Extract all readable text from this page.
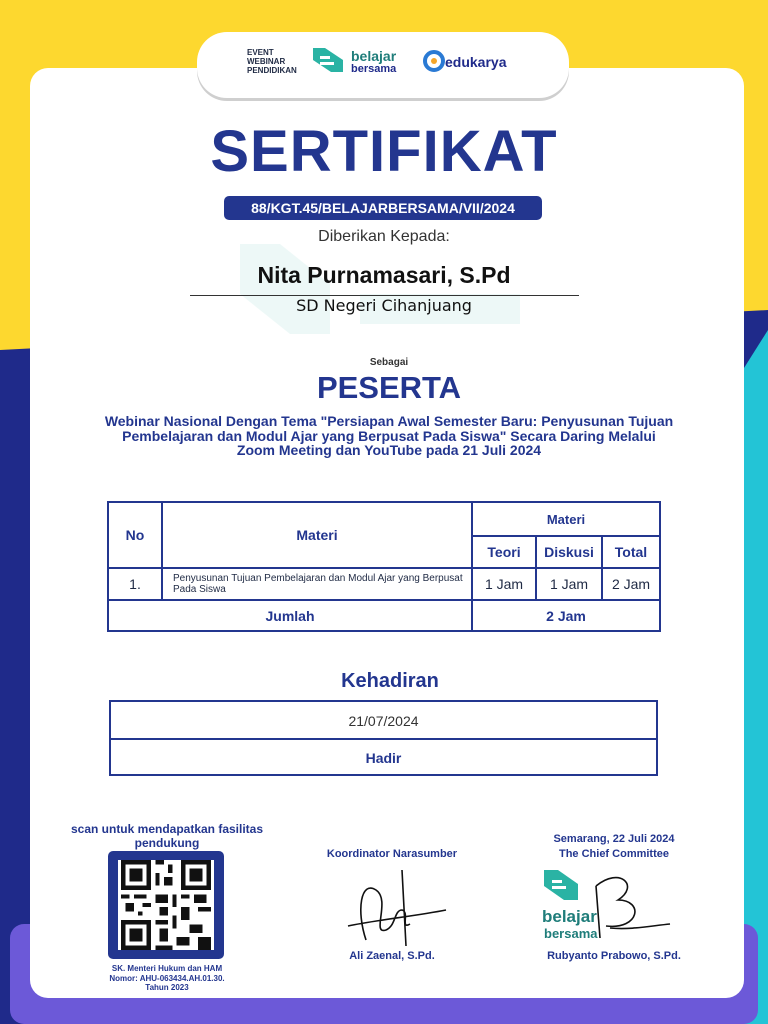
EVENT
WEBINAR
PENDIDIKAN
belajar
bersama	edukarya
SERTIFIKAT
88/KGT.45/BELAJARBERSAMA/VII/2024
Diberikan Kepada:
Nita Purnamasari, S.Pd
SD Negeri Cihanjuang
Sebagai
PESERTA
Webinar Nasional Dengan Tema "Persiapan Awal Semester Baru: Penyusunan Tujuan Pembelajaran dan Modul Ajar yang Berpusat Pada Siswa" Secara Daring Melalui Zoom Meeting dan YouTube pada 21 Juli 2024
No	Materi	Materi		
		Teori	Diskusi	Total
1.	Penyusunan Tujuan Pembelajaran dan Modul Ajar yang Berpusat Pada Siswa	1 Jam	1 Jam	2 Jam
Jumlah		2 Jam		
Kehadiran
21/07/2024
Hadir
scan untuk mendapatkan fasilitas pendukung
SK. Menteri Hukum dan HAM
Nomor: AHU-063434.AH.01.30.
Tahun 2023
Koordinator Narasumber
Ali Zaenal, S.Pd.
Semarang, 22 Juli 2024
The Chief Committee
belajar
bersama
Rubyanto Prabowo, S.Pd.
